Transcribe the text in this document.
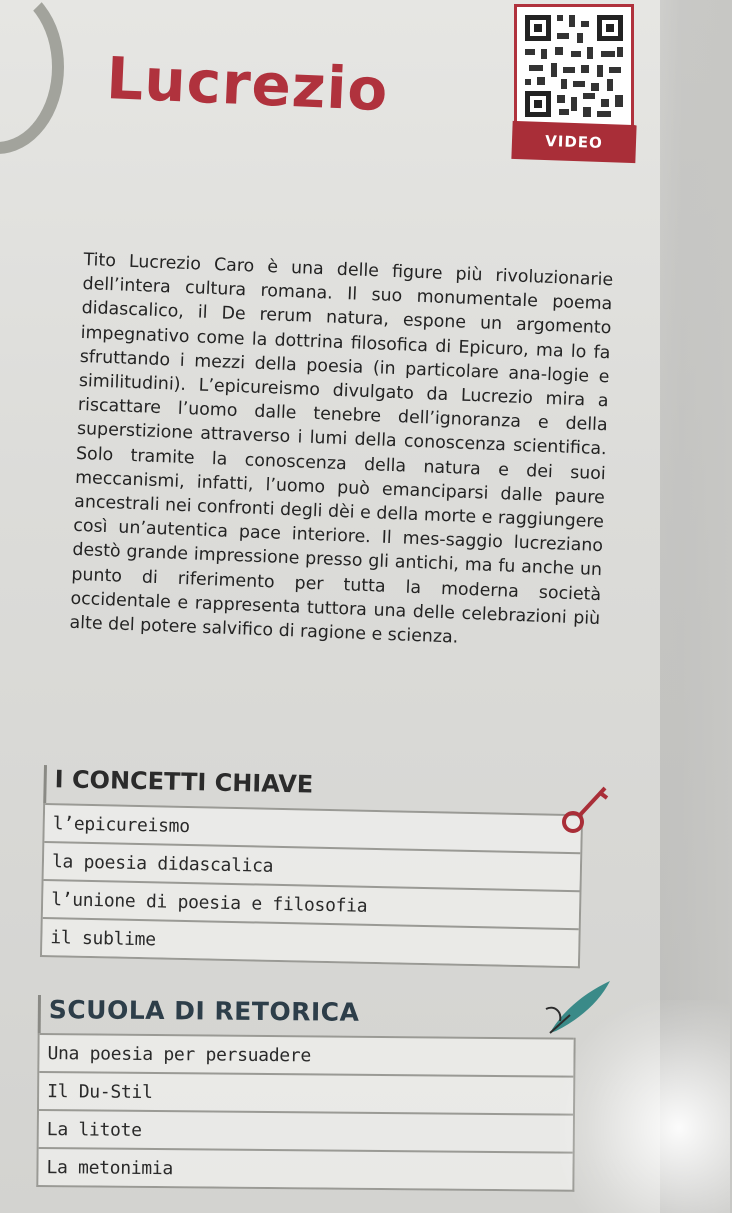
Lucrezio
VIDEO

Tito Lucrezio Caro è una delle figure più rivoluzionarie dell’intera cultura romana. Il suo monumentale poema didascalico, il De rerum natura, espone un argomento impegnativo come la dottrina filosofica di Epicuro, ma lo fa sfruttando i mezzi della poesia (in particolare ana-logie e similitudini). L’epicureismo divulgato da Lucrezio mira a riscattare l’uomo dalle tenebre dell’ignoranza e della superstizione attraverso i lumi della conoscenza scientifica. Solo tramite la conoscenza della natura e dei suoi meccanismi, infatti, l’uomo può emanciparsi dalle paure ancestrali nei confronti degli dèi e della morte e raggiungere così un’autentica pace interiore. Il mes-saggio lucreziano destò grande impressione presso gli antichi, ma fu anche un punto di riferimento per tutta la moderna società occidentale e rappresenta tuttora una delle celebrazioni più alte del potere salvifico di ragione e scienza.

I CONCETTI CHIAVE
l’epicureismo
la poesia didascalica
l’unione di poesia e filosofia
il sublime
SCUOLA DI RETORICA
Una poesia per persuadere
Il Du-Stil
La litote
La metonimia
